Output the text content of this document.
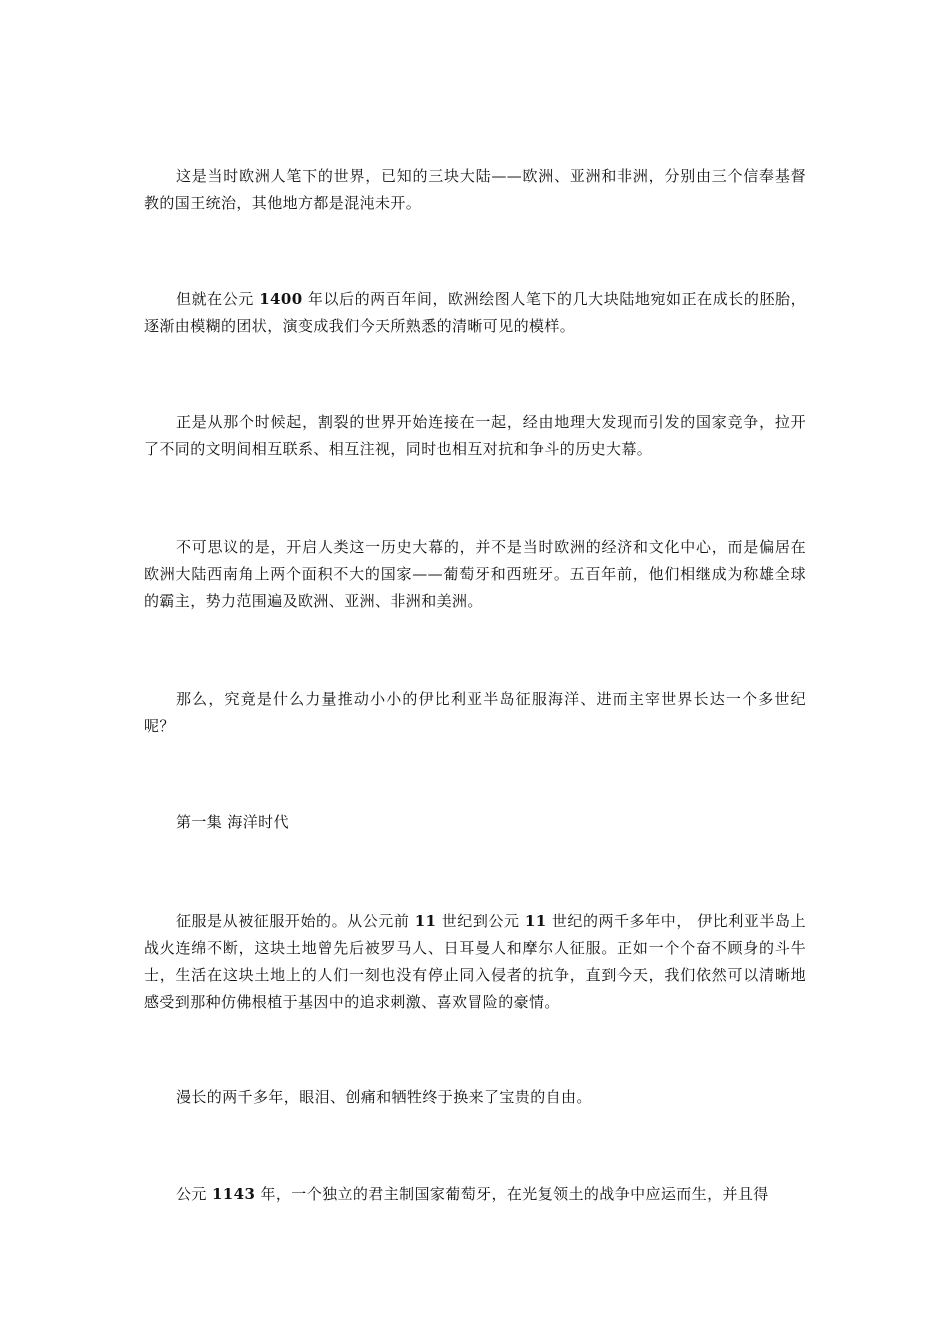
这是当时欧洲人笔下的世界，已知的三块大陆——欧洲、亚洲和非洲，分别由三个信奉基督教的国王统治，其他地方都是混沌未开。

但就在公元 1400 年以后的两百年间，欧洲绘图人笔下的几大块陆地宛如正在成长的胚胎，逐渐由模糊的团状，演变成我们今天所熟悉的清晰可见的模样。

正是从那个时候起，割裂的世界开始连接在一起，经由地理大发现而引发的国家竞争，拉开了不同的文明间相互联系、相互注视，同时也相互对抗和争斗的历史大幕。

不可思议的是，开启人类这一历史大幕的，并不是当时欧洲的经济和文化中心，而是偏居在欧洲大陆西南角上两个面积不大的国家——葡萄牙和西班牙。五百年前，他们相继成为称雄全球的霸主，势力范围遍及欧洲、亚洲、非洲和美洲。

那么，究竟是什么力量推动小小的伊比利亚半岛征服海洋、进而主宰世界长达一个多世纪呢？

第一集 海洋时代

征服是从被征服开始的。从公元前 11 世纪到公元 11 世纪的两千多年中， 伊比利亚半岛上战火连绵不断，这块土地曾先后被罗马人、日耳曼人和摩尔人征服。正如一个个奋不顾身的斗牛士，生活在这块土地上的人们一刻也没有停止同入侵者的抗争，直到今天，我们依然可以清晰地感受到那种仿佛根植于基因中的追求刺激、喜欢冒险的豪情。

漫长的两千多年，眼泪、创痛和牺牲终于换来了宝贵的自由。

公元 1143 年，一个独立的君主制国家葡萄牙，在光复领土的战争中应运而生，并且得
